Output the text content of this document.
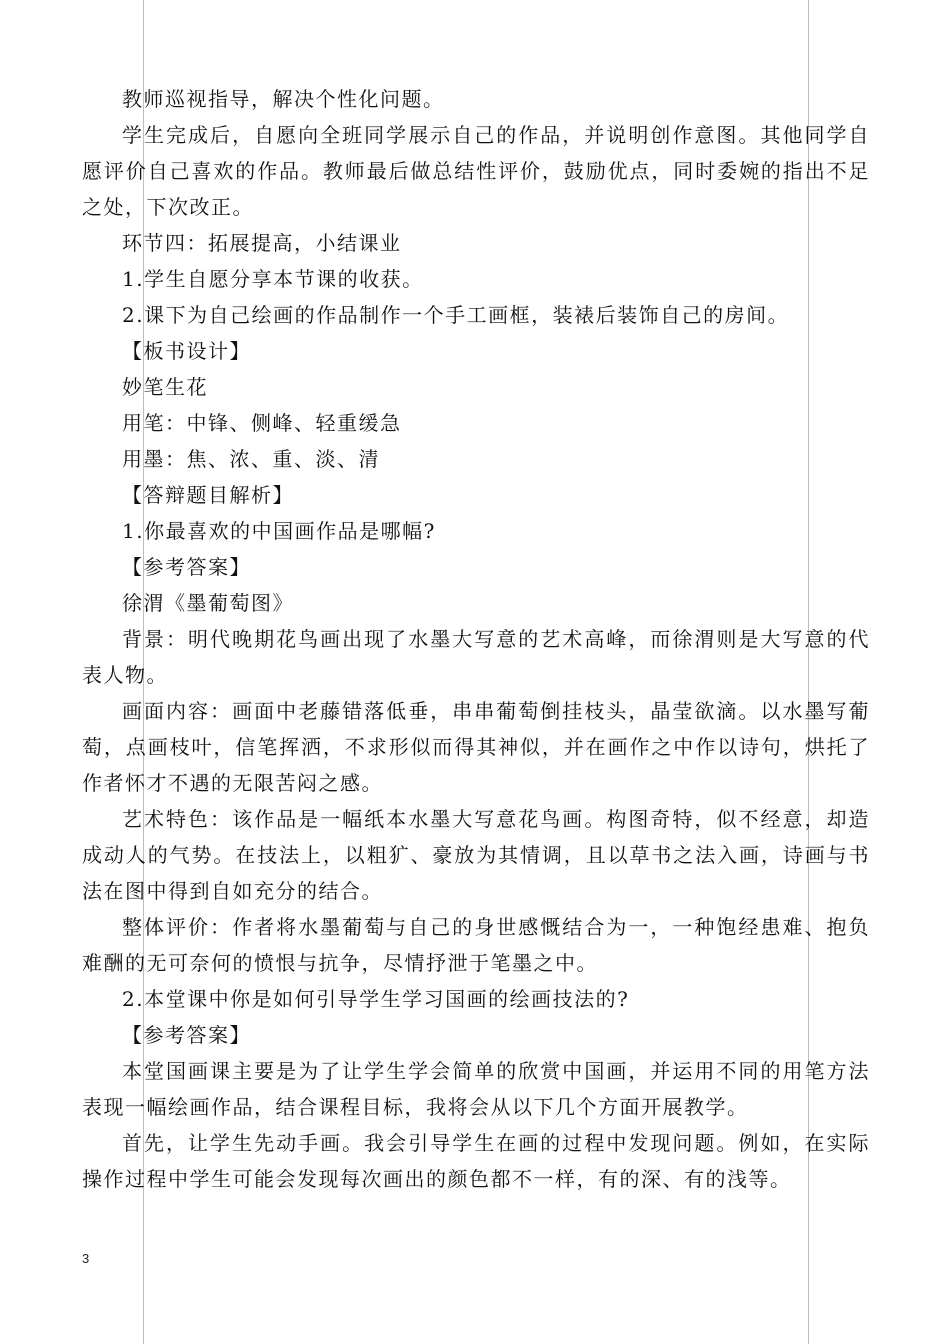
教师巡视指导，解决个性化问题。

学生完成后，自愿向全班同学展示自己的作品，并说明创作意图。其他同学自愿评价自己喜欢的作品。教师最后做总结性评价，鼓励优点，同时委婉的指出不足之处，下次改正。

环节四：拓展提高，小结课业

1.学生自愿分享本节课的收获。

2.课下为自己绘画的作品制作一个手工画框，装裱后装饰自己的房间。

【板书设计】

妙笔生花

用笔：中锋、侧峰、轻重缓急

用墨：焦、浓、重、淡、清

【答辩题目解析】

1.你最喜欢的中国画作品是哪幅?

【参考答案】

徐渭《墨葡萄图》

背景：明代晚期花鸟画出现了水墨大写意的艺术高峰，而徐渭则是大写意的代表人物。

画面内容：画面中老藤错落低垂，串串葡萄倒挂枝头，晶莹欲滴。以水墨写葡萄，点画枝叶，信笔挥洒，不求形似而得其神似，并在画作之中作以诗句，烘托了作者怀才不遇的无限苦闷之感。

艺术特色：该作品是一幅纸本水墨大写意花鸟画。构图奇特，似不经意，却造成动人的气势。在技法上，以粗犷、豪放为其情调，且以草书之法入画，诗画与书法在图中得到自如充分的结合。

整体评价：作者将水墨葡萄与自己的身世感慨结合为一，一种饱经患难、抱负难酬的无可奈何的愤恨与抗争，尽情抒泄于笔墨之中。

2.本堂课中你是如何引导学生学习国画的绘画技法的?

【参考答案】

本堂国画课主要是为了让学生学会简单的欣赏中国画，并运用不同的用笔方法表现一幅绘画作品，结合课程目标，我将会从以下几个方面开展教学。

首先，让学生先动手画。我会引导学生在画的过程中发现问题。例如，在实际操作过程中学生可能会发现每次画出的颜色都不一样，有的深、有的浅等。

3
